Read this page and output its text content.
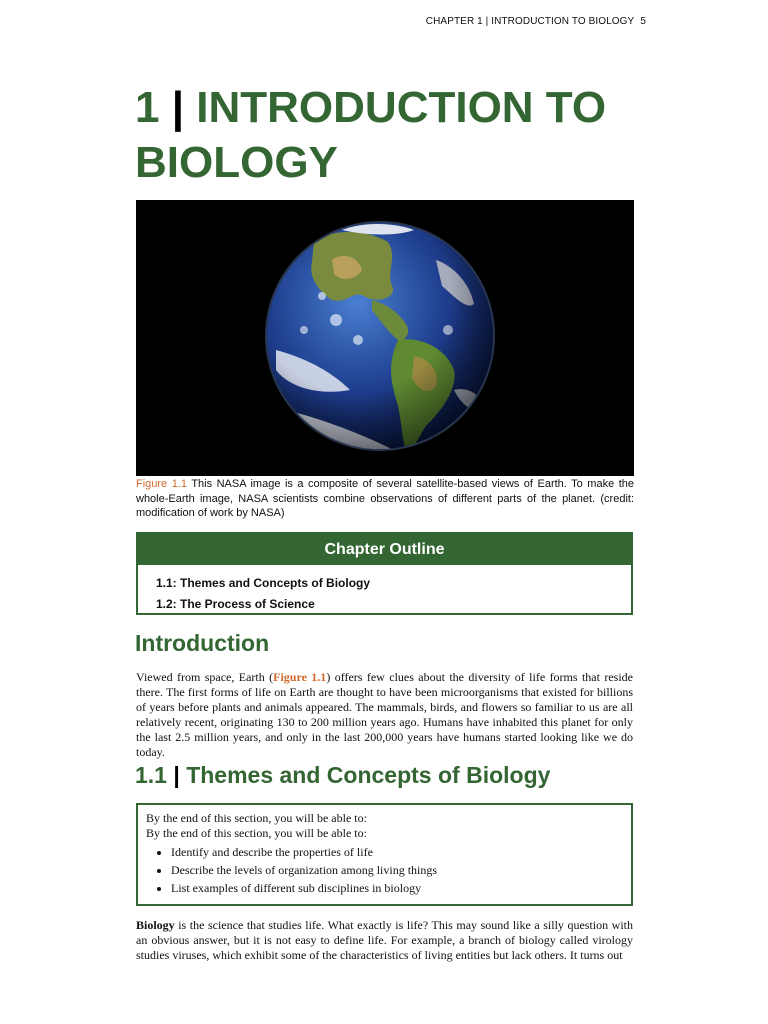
CHAPTER 1 | INTRODUCTION TO BIOLOGY 5
1 | INTRODUCTION TO BIOLOGY

Figure 1.1 This NASA image is a composite of several satellite-based views of Earth. To make the whole-Earth image, NASA scientists combine observations of different parts of the planet. (credit: modification of work by NASA)

Chapter Outline
1.1: Themes and Concepts of Biology
1.2: The Process of Science
Introduction

Viewed from space, Earth (Figure 1.1) offers few clues about the diversity of life forms that reside there. The first forms of life on Earth are thought to have been microorganisms that existed for billions of years before plants and animals appeared. The mammals, birds, and flowers so familiar to us are all relatively recent, originating 130 to 200 million years ago. Humans have inhabited this planet for only the last 2.5 million years, and only in the last 200,000 years have humans started looking like we do today.

1.1 | Themes and Concepts of Biology

By the end of this section, you will be able to:

By the end of this section, you will be able to:

• Identify and describe the properties of life
• Describe the levels of organization among living things
• List examples of different sub disciplines in biology

Biology is the science that studies life. What exactly is life? This may sound like a silly question with an obvious answer, but it is not easy to define life. For example, a branch of biology called virology studies viruses, which exhibit some of the characteristics of living entities but lack others. It turns out
